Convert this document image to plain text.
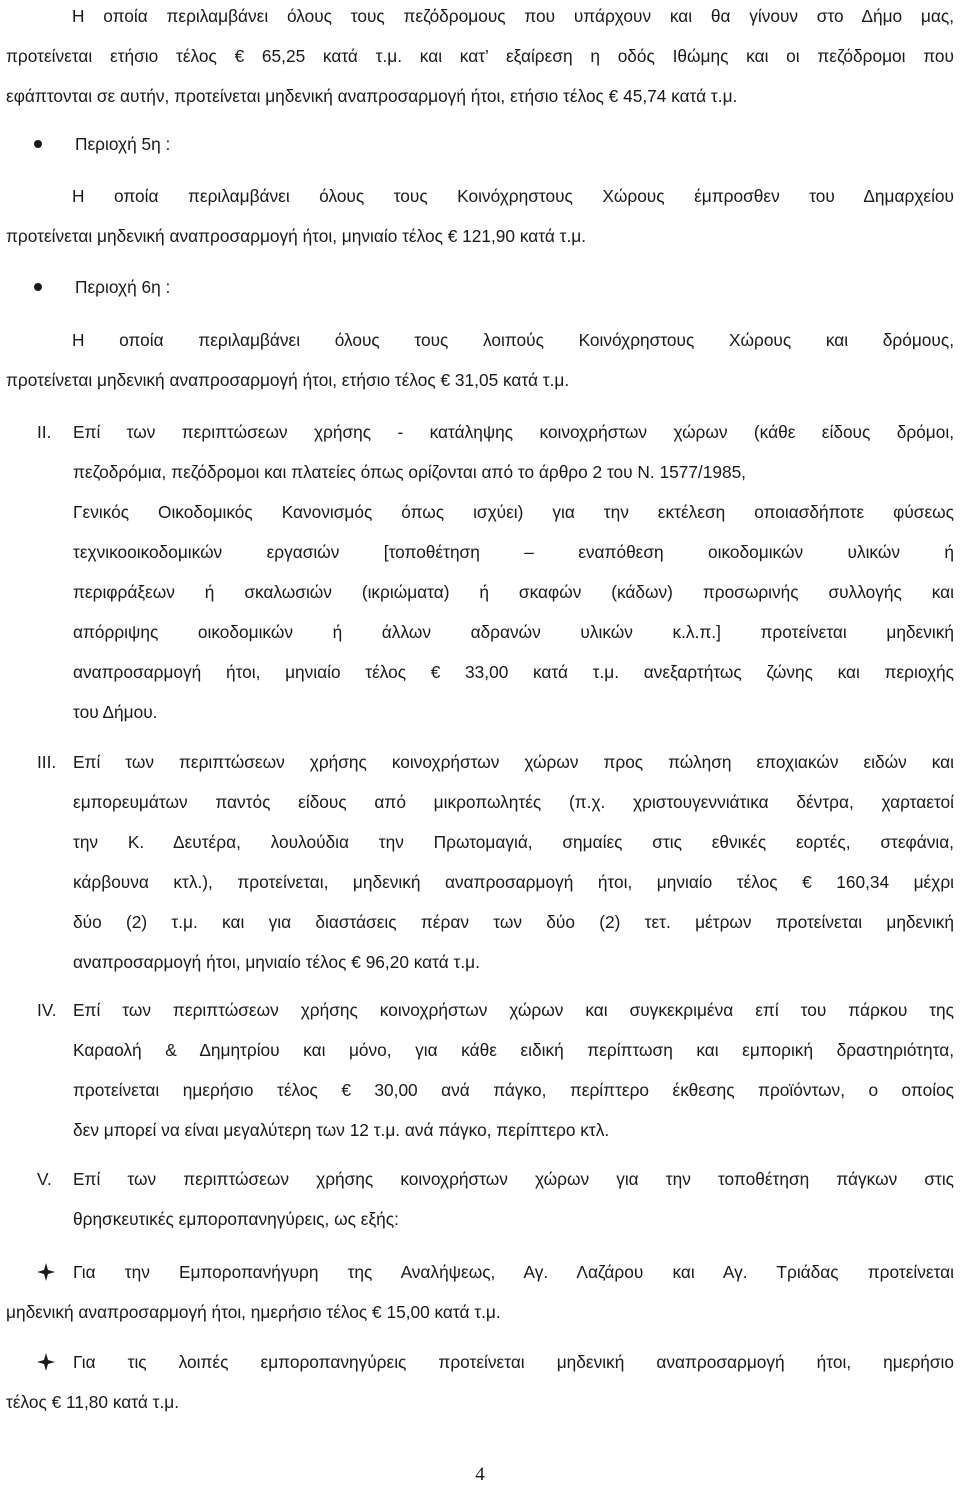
Η οποία περιλαμβάνει όλους τους πεζόδρομους που υπάρχουν και θα γίνουν στο Δήμο μας,
προτείνεται ετήσιο τέλος € 65,25 κατά τ.μ. και κατ’ εξαίρεση η οδός Ιθώμης και οι πεζόδρομοι που
εφάπτονται σε αυτήν, προτείνεται μηδενική αναπροσαρμογή ήτοι, ετήσιο τέλος € 45,74 κατά τ.μ.
Περιοχή 5η :
Η οποία περιλαμβάνει όλους τους Κοινόχρηστους Χώρους έμπροσθεν του Δημαρχείου
προτείνεται μηδενική αναπροσαρμογή ήτοι, μηνιαίο τέλος € 121,90 κατά τ.μ.
Περιοχή 6η :
Η οποία περιλαμβάνει όλους τους λοιπούς Κοινόχρηστους Χώρους και δρόμους,
προτείνεται μηδενική αναπροσαρμογή ήτοι, ετήσιο τέλος € 31,05 κατά τ.μ.
II. Επί των περιπτώσεων χρήσης - κατάληψης κοινοχρήστων χώρων (κάθε είδους δρόμοι,
πεζοδρόμια, πεζόδρομοι και πλατείες όπως ορίζονται από το άρθρο 2 του Ν. 1577/1985,
Γενικός Οικοδομικός Κανονισμός όπως ισχύει) για την εκτέλεση οποιασδήποτε φύσεως
τεχνικοοικοδομικών εργασιών [τοποθέτηση – εναπόθεση οικοδομικών υλικών ή
περιφράξεων ή σκαλωσιών (ικριώματα) ή σκαφών (κάδων) προσωρινής συλλογής και
απόρριψης οικοδομικών ή άλλων αδρανών υλικών κ.λ.π.] προτείνεται μηδενική
αναπροσαρμογή ήτοι, μηνιαίο τέλος € 33,00 κατά τ.μ. ανεξαρτήτως ζώνης και περιοχής
του Δήμου.
III. Επί των περιπτώσεων χρήσης κοινοχρήστων χώρων προς πώληση εποχιακών ειδών και
εμπορευμάτων παντός είδους από μικροπωλητές (π.χ. χριστουγεννιάτικα δέντρα, χαρταετοί
την Κ. Δευτέρα, λουλούδια την Πρωτομαγιά, σημαίες στις εθνικές εορτές, στεφάνια,
κάρβουνα κτλ.), προτείνεται, μηδενική αναπροσαρμογή ήτοι, μηνιαίο τέλος € 160,34 μέχρι
δύο (2) τ.μ. και για διαστάσεις πέραν των δύο (2) τετ. μέτρων προτείνεται μηδενική
αναπροσαρμογή ήτοι, μηνιαίο τέλος € 96,20 κατά τ.μ.
IV. Επί των περιπτώσεων χρήσης κοινοχρήστων χώρων και συγκεκριμένα επί του πάρκου της
Καραολή & Δημητρίου και μόνο, για κάθε ειδική περίπτωση και εμπορική δραστηριότητα,
προτείνεται ημερήσιο τέλος € 30,00 ανά πάγκο, περίπτερο έκθεσης προϊόντων, ο οποίος
δεν μπορεί να είναι μεγαλύτερη των 12 τ.μ. ανά πάγκο, περίπτερο κτλ.
V. Επί των περιπτώσεων χρήσης κοινοχρήστων χώρων για την τοποθέτηση πάγκων στις
θρησκευτικές εμποροπανηγύρεις, ως εξής:
Για την Εμποροπανήγυρη της Αναλήψεως, Αγ. Λαζάρου και Αγ. Τριάδας προτείνεται
μηδενική αναπροσαρμογή ήτοι, ημερήσιο τέλος € 15,00 κατά τ.μ.
Για τις λοιπές εμποροπανηγύρεις προτείνεται μηδενική αναπροσαρμογή ήτοι, ημερήσιο
τέλος € 11,80 κατά τ.μ.
4
